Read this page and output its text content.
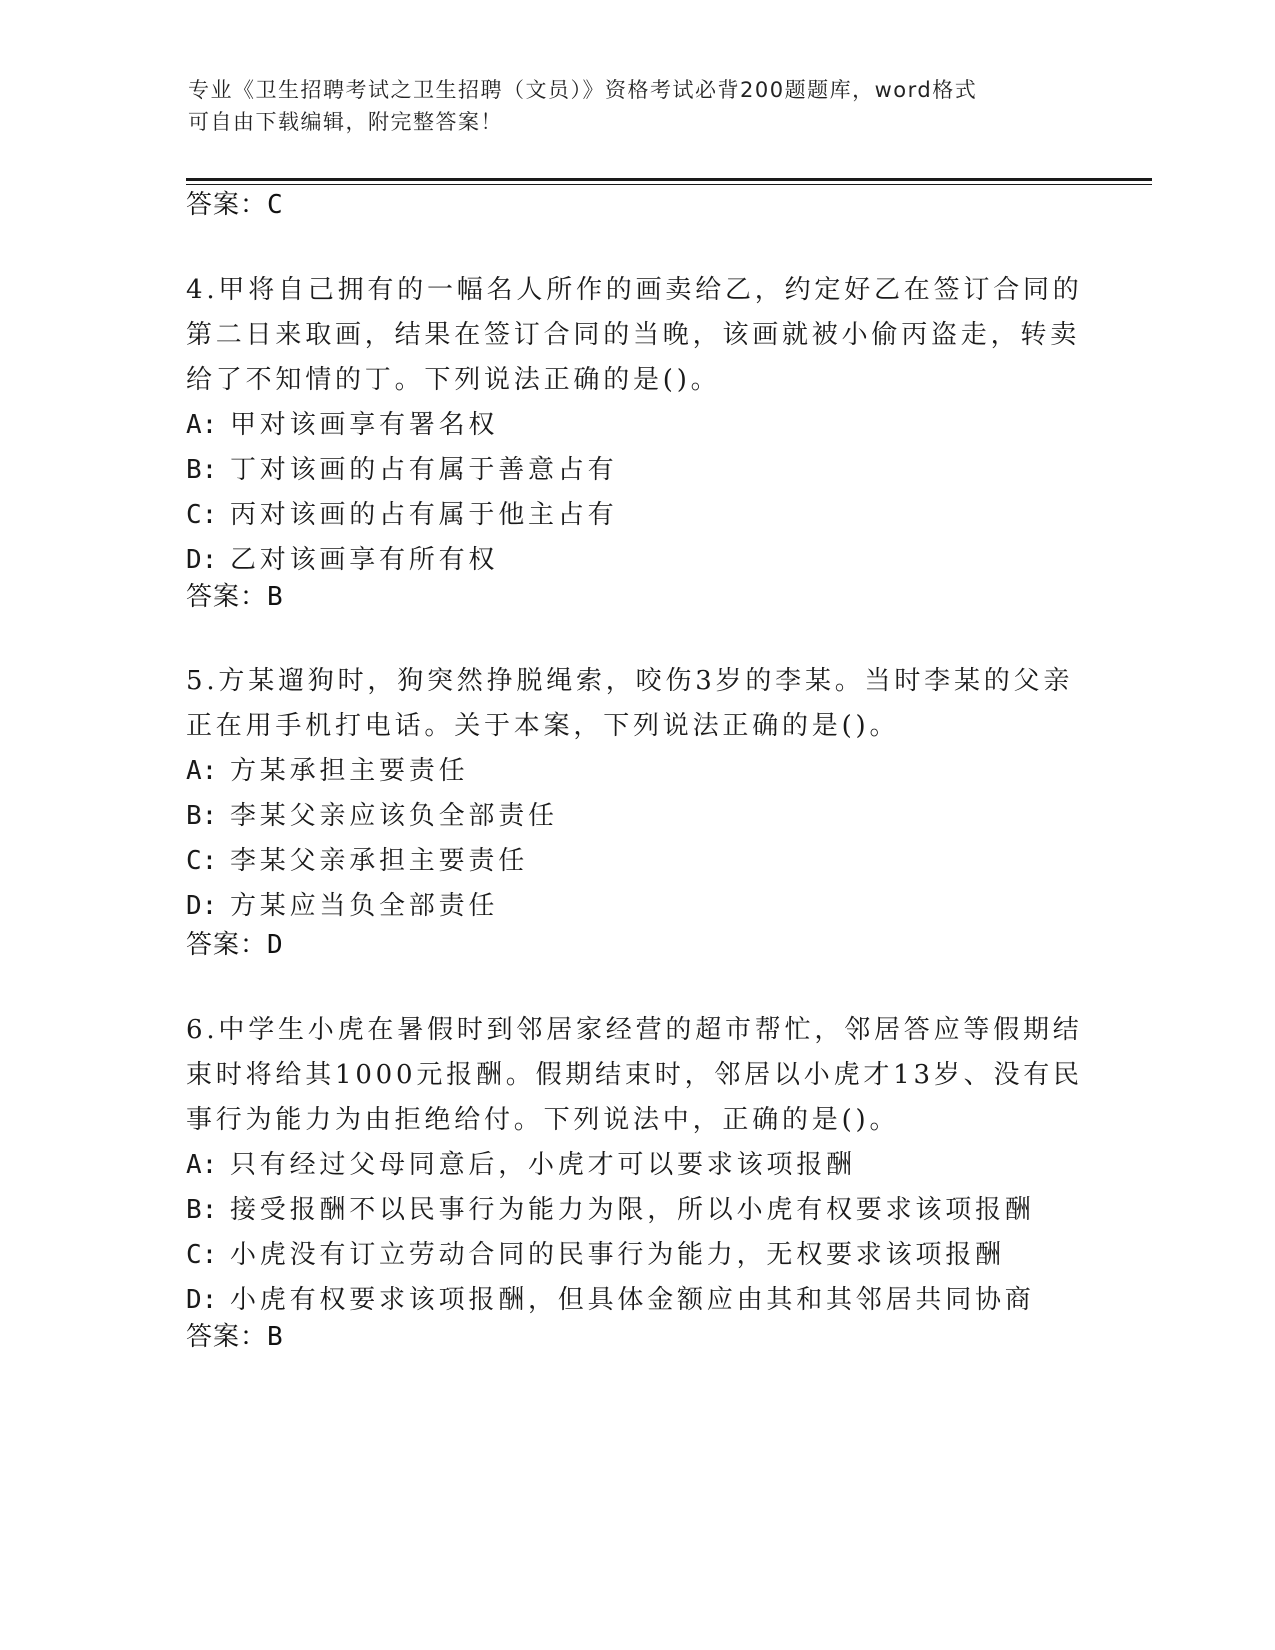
专业《卫生招聘考试之卫生招聘（文员）》资格考试必背200题题库，word格式
可自由下载编辑，附完整答案！
答案：C
4.甲将自己拥有的一幅名人所作的画卖给乙，约定好乙在签订合同的
第二日来取画，结果在签订合同的当晚，该画就被小偷丙盗走，转卖
给了不知情的丁。下列说法正确的是()。
A: 甲对该画享有署名权
B: 丁对该画的占有属于善意占有
C: 丙对该画的占有属于他主占有
D: 乙对该画享有所有权
答案：B
5.方某遛狗时，狗突然挣脱绳索，咬伤3岁的李某。当时李某的父亲
正在用手机打电话。关于本案，下列说法正确的是()。
A: 方某承担主要责任
B: 李某父亲应该负全部责任
C: 李某父亲承担主要责任
D: 方某应当负全部责任
答案：D
6.中学生小虎在暑假时到邻居家经营的超市帮忙，邻居答应等假期结
束时将给其1000元报酬。假期结束时，邻居以小虎才13岁、没有民
事行为能力为由拒绝给付。下列说法中，正确的是()。
A: 只有经过父母同意后，小虎才可以要求该项报酬
B: 接受报酬不以民事行为能力为限，所以小虎有权要求该项报酬
C: 小虎没有订立劳动合同的民事行为能力，无权要求该项报酬
D: 小虎有权要求该项报酬，但具体金额应由其和其邻居共同协商
答案：B
